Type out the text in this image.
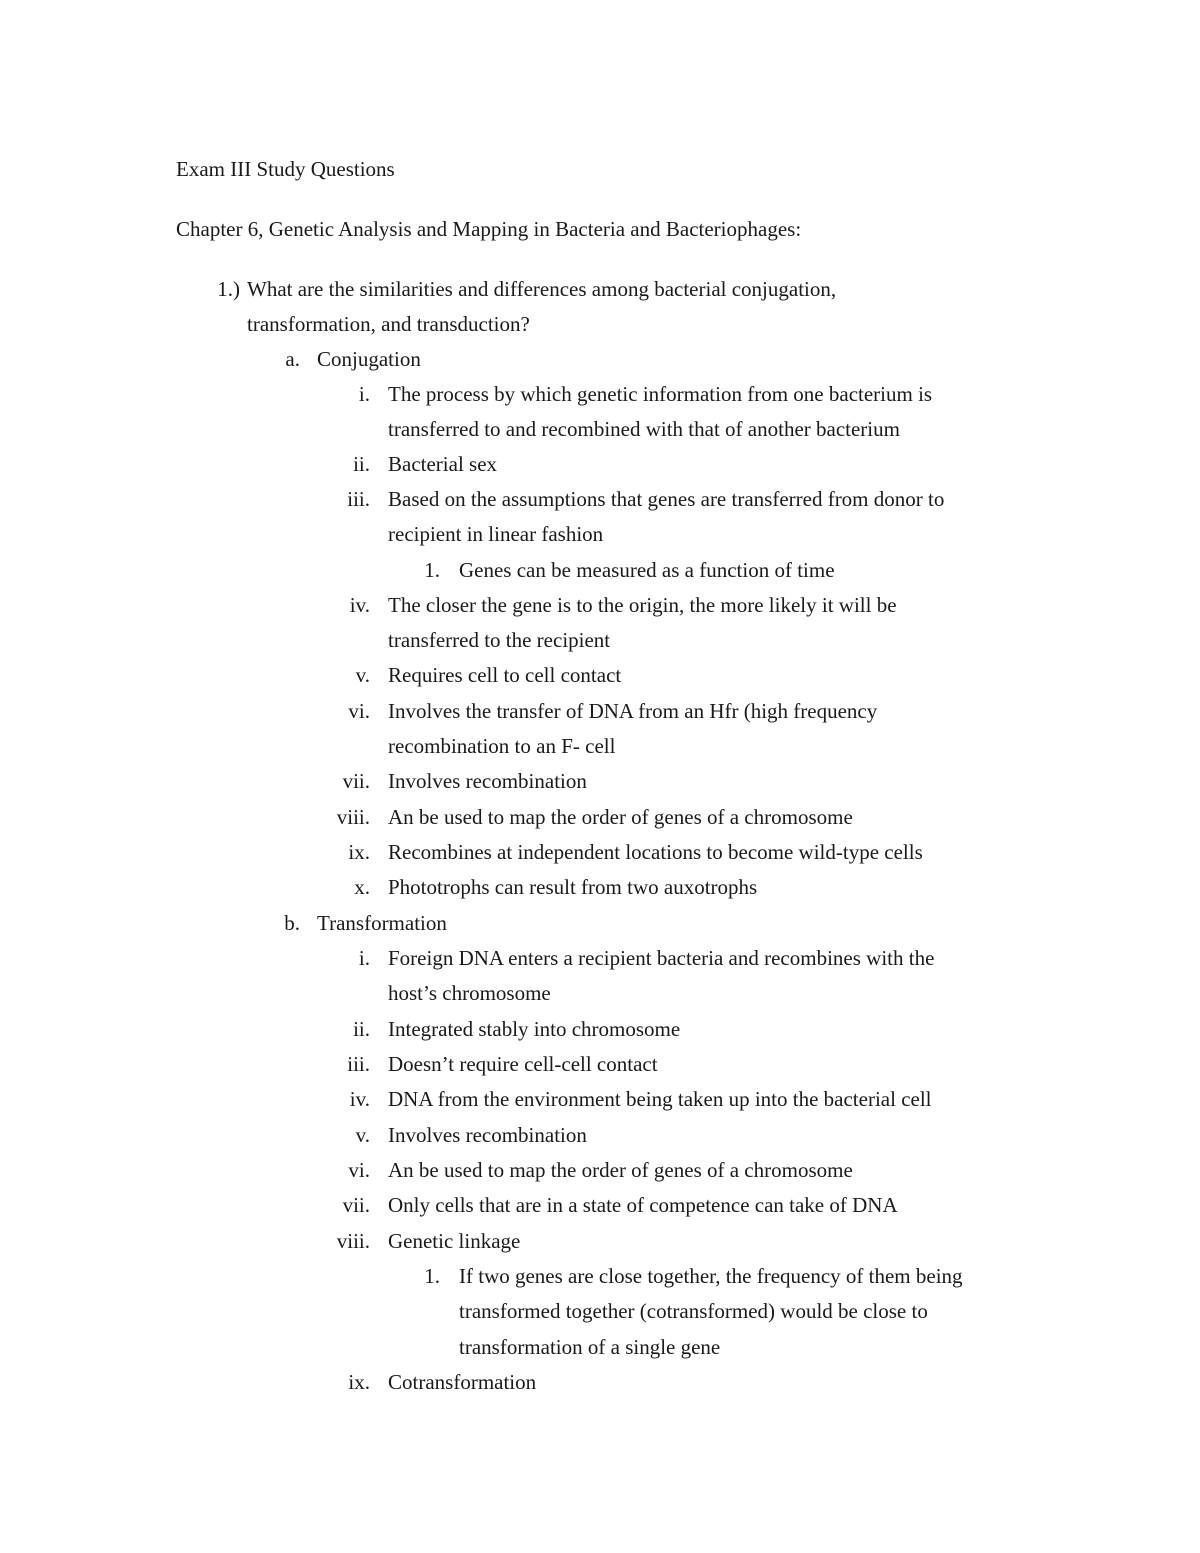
Exam III Study Questions
Chapter 6, Genetic Analysis and Mapping in Bacteria and Bacteriophages:
1.) What are the similarities and differences among bacterial conjugation,
transformation, and transduction?
a. Conjugation
i. The process by which genetic information from one bacterium is
transferred to and recombined with that of another bacterium
ii. Bacterial sex
iii. Based on the assumptions that genes are transferred from donor to
recipient in linear fashion
1. Genes can be measured as a function of time
iv. The closer the gene is to the origin, the more likely it will be
transferred to the recipient
v. Requires cell to cell contact
vi. Involves the transfer of DNA from an Hfr (high frequency
recombination to an F- cell
vii. Involves recombination
viii. An be used to map the order of genes of a chromosome
ix. Recombines at independent locations to become wild-type cells
x. Phototrophs can result from two auxotrophs
b. Transformation
i. Foreign DNA enters a recipient bacteria and recombines with the
host’s chromosome
ii. Integrated stably into chromosome
iii. Doesn’t require cell-cell contact
iv. DNA from the environment being taken up into the bacterial cell
v. Involves recombination
vi. An be used to map the order of genes of a chromosome
vii. Only cells that are in a state of competence can take of DNA
viii. Genetic linkage
1. If two genes are close together, the frequency of them being
transformed together (cotransformed) would be close to
transformation of a single gene
ix. Cotransformation
